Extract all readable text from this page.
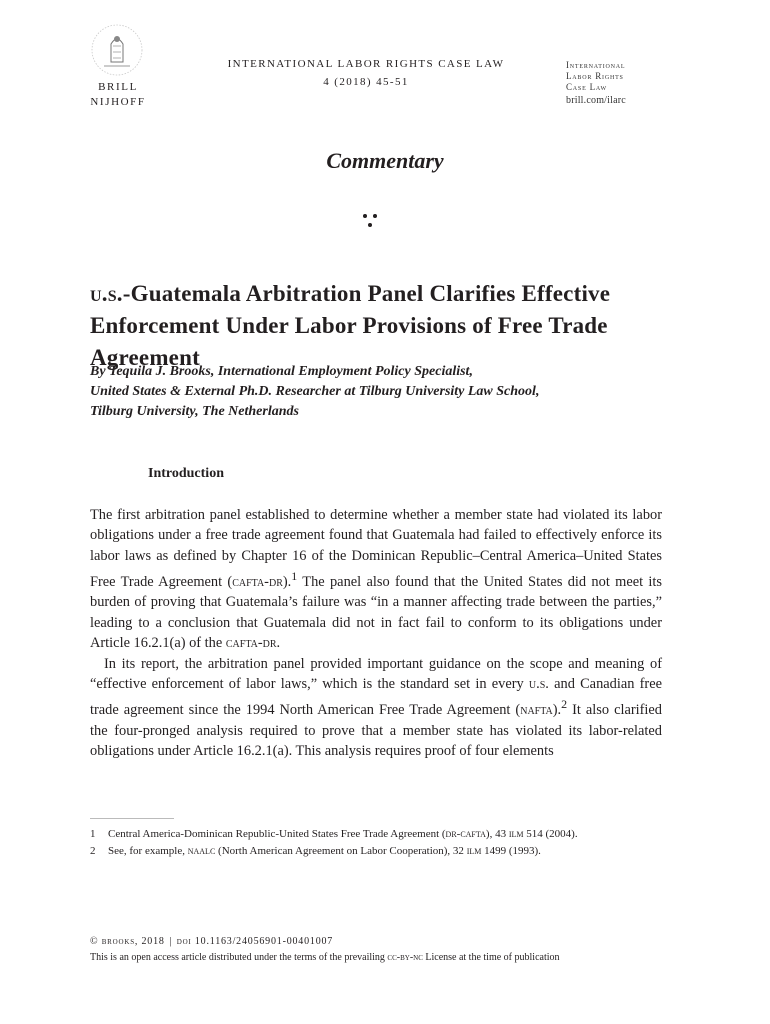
BRILL
NIJHOFF
INTERNATIONAL LABOR RIGHTS CASE LAW
4 (2018) 45-51
International
Labor Rights
Case Law
brill.com/ilarc
Commentary
u.s.-Guatemala Arbitration Panel Clarifies Effective Enforcement Under Labor Provisions of Free Trade Agreement
By Tequila J. Brooks, International Employment Policy Specialist,
United States & External Ph.D. Researcher at Tilburg University Law School,
Tilburg University, The Netherlands
Introduction

The first arbitration panel established to determine whether a member state had violated its labor obligations under a free trade agreement found that Guatemala had failed to effectively enforce its labor laws as defined by Chapter 16 of the Dominican Republic–Central America–United States Free Trade Agreement (cafta-dr).$^1$ The panel also found that the United States did not meet its burden of proving that Guatemala’s failure was “in a manner affecting trade between the parties,” leading to a conclusion that Guatemala did not in fact fail to conform to its obligations under Article 16.2.1(a) of the cafta-dr.

In its report, the arbitration panel provided important guidance on the scope and meaning of “effective enforcement of labor laws,” which is the standard set in every u.s. and Canadian free trade agreement since the 1994 North American Free Trade Agreement (nafta).$^2$ It also clarified the four-pronged analysis required to prove that a member state has violated its labor-related obligations under Article 16.2.1(a). This analysis requires proof of four elements

1 Central America-Dominican Republic-United States Free Trade Agreement (dr-cafta), 43 ilm 514 (2004).
2 See, for example, naalc (North American Agreement on Labor Cooperation), 32 ilm 1499 (1993).
© brooks, 2018 | doi 10.1163/24056901-00401007
This is an open access article distributed under the terms of the prevailing cc-by-nc License at the time of publication
